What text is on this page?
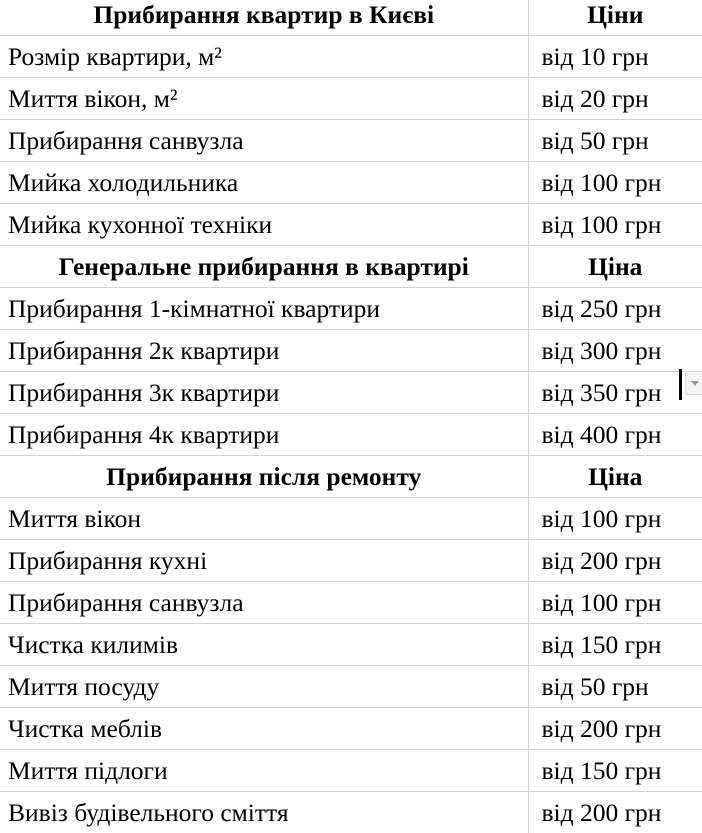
Прибирання квартир в Києві	Ціни
Розмір квартири, м²	від 10 грн
Миття вікон, м²	від 20 грн
Прибирання санвузла	від 50 грн
Мийка холодильника	від 100 грн
Мийка кухонної техніки	від 100 грн
Генеральне прибирання в квартирі	Ціна
Прибирання 1-кімнатної квартири	від 250 грн
Прибирання 2к квартири	від 300 грн
Прибирання 3к квартири	від 350 грн
Прибирання 4к квартири	від 400 грн
Прибирання після ремонту	Ціна
Миття вікон	від 100 грн
Прибирання кухні	від 200 грн
Прибирання санвузла	від 100 грн
Чистка килимів	від 150 грн
Миття посуду	від 50 грн
Чистка меблів	від 200 грн
Миття підлоги	від 150 грн
Вивіз будівельного сміття	від 200 грн
